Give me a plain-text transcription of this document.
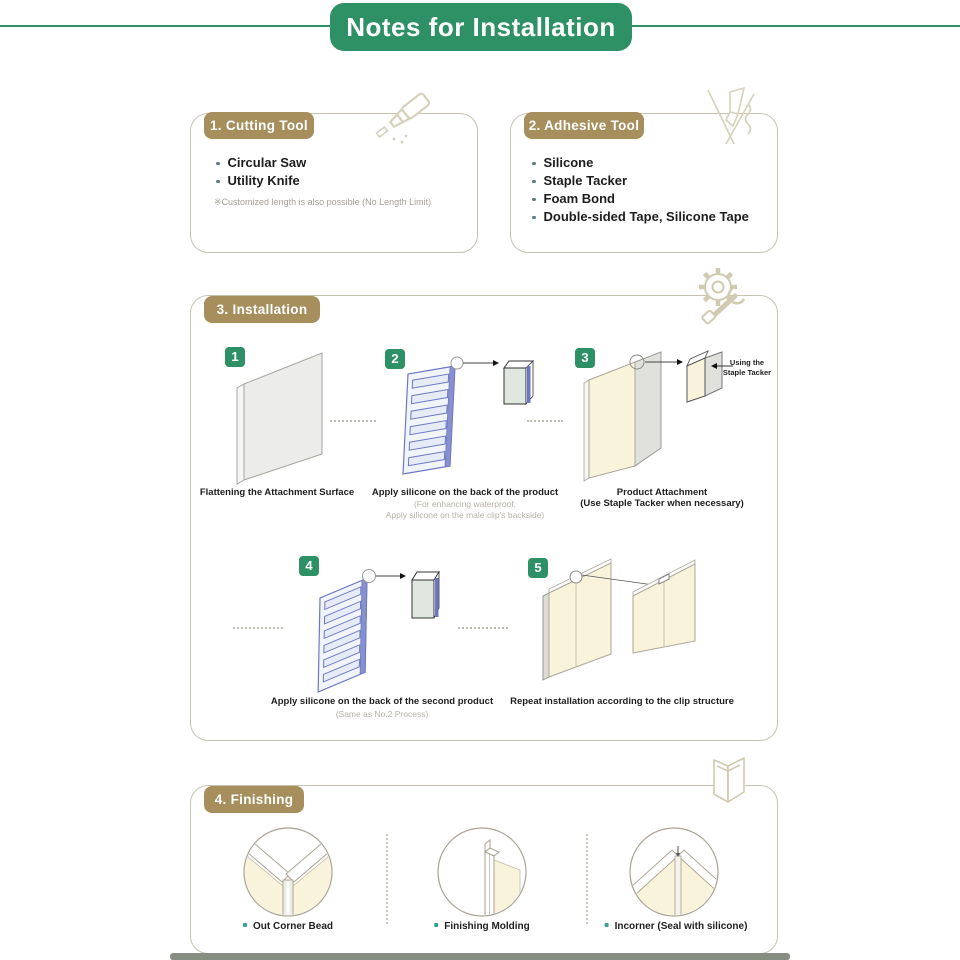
Notes for Installation
1. Cutting Tool
Circular Saw
Utility Knife
※Customized length is also possible (No Length Limit)
2. Adhesive Tool
Silicone
Staple Tacker
Foam Bond
Double-sided Tape, Silicone Tape
3. Installation
1	2	3
4	5
Using the
Staple Tacker
Flattening the Attachment Surface Apply silicone on the back of the product
(For enhancing waterproof,
Apply silicone on the male clip's backside)
Product Attachment
(Use Staple Tacker when necessary)
Apply silicone on the back of the second product
(Same as No.2 Process)
Repeat installation according to the clip structure
4. Finishing
Out Corner Bead	Finishing Molding	Incorner (Seal with silicone)
